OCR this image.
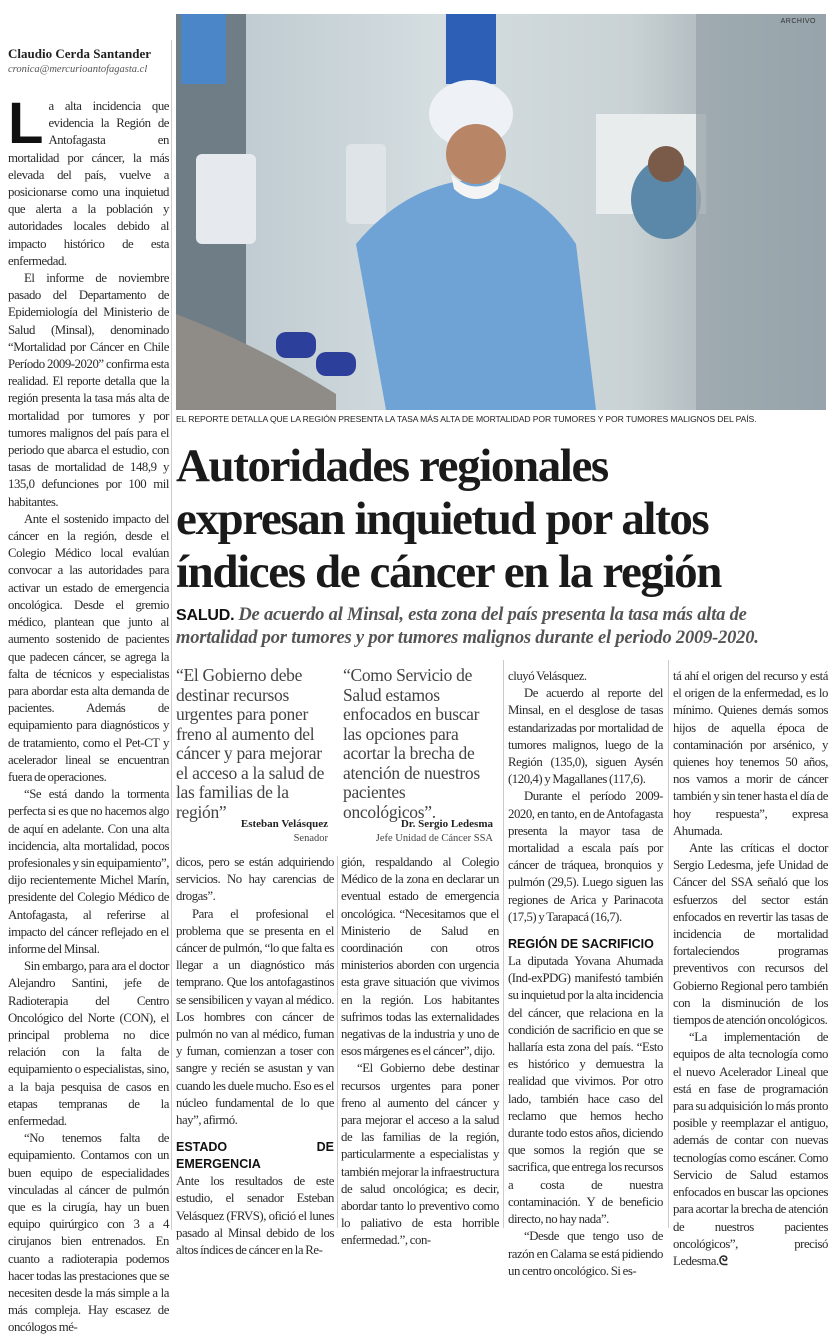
Claudio Cerda Santander
cronica@mercurioantofagasta.cl

La alta incidencia que evidencia la Región de Antofagasta en mortalidad por cáncer, la más elevada del país, vuelve a posicionarse como una inquietud que alerta a la población y autoridades locales debido al impacto histórico de esta enfermedad.

El informe de noviembre pasado del Departamento de Epidemiología del Ministerio de Salud (Minsal), denominado “Mortalidad por Cáncer en Chile Período 2009-2020” confirma esta realidad. El reporte detalla que la región presenta la tasa más alta de mortalidad por tumores y por tumores malignos del país para el periodo que abarca el estudio, con tasas de mortalidad de 148,9 y 135,0 defunciones por 100 mil habitantes.

Ante el sostenido impacto del cáncer en la región, desde el Colegio Médico local evalúan convocar a las autoridades para activar un estado de emergencia oncológica. Desde el gremio médico, plantean que junto al aumento sostenido de pacientes que padecen cáncer, se agrega la falta de técnicos y especialistas para abordar esta alta demanda de pacientes. Además de equipamiento para diagnósticos y de tratamiento, como el Pet-CT y acelerador lineal se encuentran fuera de operaciones.

“Se está dando la tormenta perfecta si es que no hacemos algo de aquí en adelante. Con una alta incidencia, alta mortalidad, pocos profesionales y sin equipamiento”, dijo recientemente Michel Marín, presidente del Colegio Médico de Antofagasta, al referirse al impacto del cáncer reflejado en el informe del Minsal.

Sin embargo, para ara el doctor Alejandro Santini, jefe de Radioterapia del Centro Oncológico del Norte (CON), el principal problema no dice relación con la falta de equipamiento o especialistas, sino, a la baja pesquisa de casos en etapas tempranas de la enfermedad.

“No tenemos falta de equipamiento. Contamos con un buen equipo de especialidades vinculadas al cáncer de pulmón que es la cirugía, hay un buen equipo quirúrgico con 3 a 4 cirujanos bien entrenados. En cuanto a radioterapia podemos hacer todas las prestaciones que se necesiten desde la más simple a la más compleja. Hay escasez de oncólogos mé-

ARCHIVO
EL REPORTE DETALLA QUE LA REGIÓN PRESENTA LA TASA MÁS ALTA DE MORTALIDAD POR TUMORES Y POR TUMORES MALIGNOS DEL PAÍS.
Autoridades regionales
expresan inquietud por altos
índices de cáncer en la región
SALUD. De acuerdo al Minsal, esta zona del país presenta la tasa más alta de mortalidad por tumores y por tumores malignos durante el periodo 2009-2020.
“El Gobierno debe destinar recursos urgentes para poner freno al aumento del cáncer y para mejorar el acceso a la salud de las familias de la región”
Esteban Velásquez
Senador
“Como Servicio de Salud estamos enfocados en buscar las opciones para acortar la brecha de atención de nuestros pacientes oncológicos”.
Dr. Sergio Ledesma
Jefe Unidad de Cáncer SSA

dicos, pero se están adquiriendo servicios. No hay carencias de drogas”.

Para el profesional el problema que se presenta en el cáncer de pulmón, “lo que falta es llegar a un diagnóstico más temprano. Que los antofagastinos se sensibilicen y vayan al médico. Los hombres con cáncer de pulmón no van al médico, fuman y fuman, comienzan a toser con sangre y recién se asustan y van cuando les duele mucho. Eso es el núcleo fundamental de lo que hay”, afirmó.

ESTADO DE EMERGENCIA

Ante los resultados de este estudio, el senador Esteban Velásquez (FRVS), ofició el lunes pasado al Minsal debido de los altos índices de cáncer en la Re-

gión, respaldando al Colegio Médico de la zona en declarar un eventual estado de emergencia oncológica. “Necesitamos que el Ministerio de Salud en coordinación con otros ministerios aborden con urgencia esta grave situación que vivimos en la región. Los habitantes sufrimos todas las externalidades negativas de la industria y uno de esos márgenes es el cáncer”, dijo.

“El Gobierno debe destinar recursos urgentes para poner freno al aumento del cáncer y para mejorar el acceso a la salud de las familias de la región, particularmente a especialistas y también mejorar la infraestructura de salud oncológica; es decir, abordar tanto lo preventivo como lo paliativo de esta horrible enfermedad.”, con-

cluyó Velásquez.

De acuerdo al reporte del Minsal, en el desglose de tasas estandarizadas por mortalidad de tumores malignos, luego de la Región (135,0), siguen Aysén (120,4) y Magallanes (117,6).

Durante el período 2009-2020, en tanto, en de Antofagasta presenta la mayor tasa de mortalidad a escala país por cáncer de tráquea, bronquios y pulmón (29,5). Luego siguen las regiones de Arica y Parinacota (17,5) y Tarapacá (16,7).

REGIÓN DE SACRIFICIO

La diputada Yovana Ahumada (Ind-exPDG) manifestó también su inquietud por la alta incidencia del cáncer, que relaciona en la condición de sacrificio en que se hallaría esta zona del país. “Esto es histórico y demuestra la realidad que vivimos. Por otro lado, también hace caso del reclamo que hemos hecho durante todo estos años, diciendo que somos la región que se sacrifica, que entrega los recursos a costa de nuestra contaminación. Y de beneficio directo, no hay nada”.

“Desde que tengo uso de razón en Calama se está pidiendo un centro oncológico. Si es-

tá ahí el origen del recurso y está el origen de la enfermedad, es lo mínimo. Quienes demás somos hijos de aquella época de contaminación por arsénico, y quienes hoy tenemos 50 años, nos vamos a morir de cáncer también y sin tener hasta el día de hoy respuesta”, expresa Ahumada.

Ante las críticas el doctor Sergio Ledesma, jefe Unidad de Cáncer del SSA señaló que los esfuerzos del sector están enfocados en revertir las tasas de incidencia de mortalidad fortaleciendos programas preventivos con recursos del Gobierno Regional pero también con la disminución de los tiempos de atención oncológicos.

“La implementación de equipos de alta tecnología como el nuevo Acelerador Lineal que está en fase de programación para su adquisición lo más pronto posible y reemplazar el antiguo, además de contar con nuevas tecnologías como escáner. Como Servicio de Salud estamos enfocados en buscar las opciones para acortar la brecha de atención de nuestros pacientes oncológicos”, precisó Ledesma.ᘓ
